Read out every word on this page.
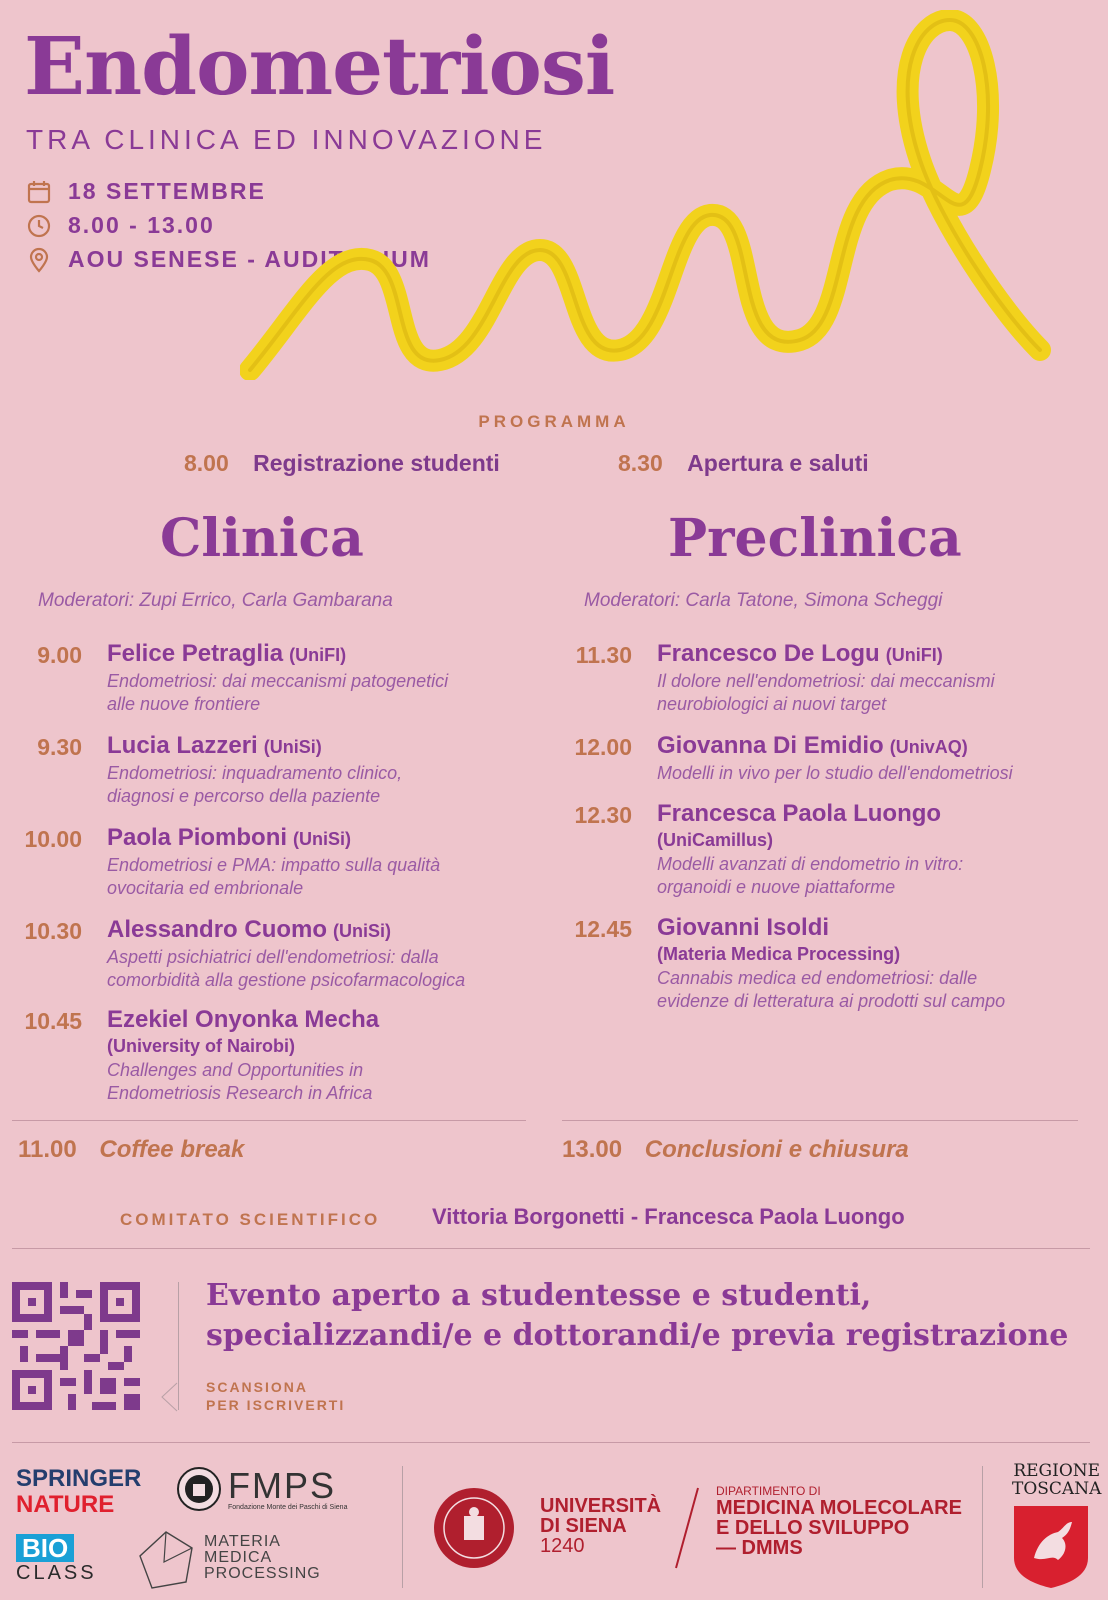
Endometriosi
TRA CLINICA ED INNOVAZIONE
18 SETTEMBRE
8.00 - 13.00
AOU SENESE - AUDITORIUM
PROGRAMMA
8.00 Registrazione studenti	8.30 Apertura e saluti
Clinica	Preclinica
Moderatori: Zupi Errico, Carla Gambarana	Moderatori: Carla Tatone, Simona Scheggi
9.00 Felice Petraglia (UniFI)
Endometriosi: dai meccanismi patogenetici
alle nuove frontiere
9.30 Lucia Lazzeri (UniSi)
Endometriosi: inquadramento clinico,
diagnosi e percorso della paziente
10.00 Paola Piomboni (UniSi)
Endometriosi e PMA: impatto sulla qualità
ovocitaria ed embrionale
10.30 Alessandro Cuomo (UniSi)
Aspetti psichiatrici dell'endometriosi: dalla
comorbidità alla gestione psicofarmacologica
10.45 Ezekiel Onyonka Mecha
(University of Nairobi)
Challenges and Opportunities in
Endometriosis Research in Africa
11.30 Francesco De Logu (UniFI)
Il dolore nell'endometriosi: dai meccanismi
neurobiologici ai nuovi target
12.00 Giovanna Di Emidio (UnivAQ)
Modelli in vivo per lo studio dell'endometriosi
12.30 Francesca Paola Luongo
(UniCamillus)
Modelli avanzati di endometrio in vitro:
organoidi e nuove piattaforme
12.45 Giovanni Isoldi
(Materia Medica Processing)
Cannabis medica ed endometriosi: dalle
evidenze di letteratura ai prodotti sul campo
11.00 Coffee break	13.00 Conclusioni e chiusura
COMITATO SCIENTIFICO Vittoria Borgonetti - Francesca Paola Luongo
Evento aperto a studentesse e studenti,
specializzandi/e e dottorandi/e previa registrazione
SCANSIONA
PER ISCRIVERTI
SPRINGER
NATURE	FMPS
Fondazione Monte dei Paschi di Siena
BIO
CLASS
MATERIA
MEDICA
PROCESSING
UNIVERSITÀ
DI SIENA
1240
DIPARTIMENTO DI
MEDICINA MOLECOLARE
E DELLO SVILUPPO
— DMMS
REGIONE
TOSCANA
